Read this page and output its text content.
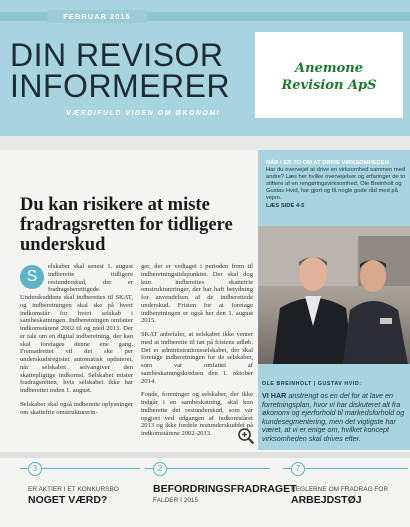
FEBRUAR 2015
DIN REVISOR
INFORMERER
VÆRDIFULD VIDEN OM ØKONOMI
Anemone
Revision ApS
Du kan risikere at miste fradragsretten for tidligere underskud
S

elskaber skal senest 1. august indberette tidligere restunderskud, der er fradragsberettigede. Underskuddene skal indberettes til SKAT, og indberetningen skal ske på hvert indkomstår for hvert selskab i sambeskatningen. Indberetningen omfatter indkomstårene 2002 til og med 2013. Der er tale om en digital indberetning, der kan skal foretages denne ene gang. Fremadrettet vil det ske per underskudsregister automatisk opdateret, når selskabet selvangiver den skattepligtige indkomst. Selskabet mister fradragsretten, hvis selskabet ikke har indberettet inden 1. august.

Selskaber skal også indberette oplysninger om skattefrie omstrukturerin-

ger, der er vedtaget i perioden frem til indberetningstidspunktet. Der skal dog kun indberettes skattefrie omstruktureringer, der har haft betydning for anvendelsen af de indberettede underskud. Fristen for at foretage indberetningen er også her den 1. august 2015.

SKAT anbefaler, at selskabet ikke venter med at indberette til tæt på fristens udløb. Det er administrationsselskabet, der skal foretage indberetningen for de selskaber, som var omfattet af sambeskatningskredsen den 1. oktober 2014.

Fonde, foreninger og selskaber, der ikke indgår i en sambeskatning, skal kun indberette det restunderskud, som var opgjort ved udgangen af indkomståret 2013 og ikke fordele restunderskuddet på indkomstårene 2002-2013.

NÅR I ER TO OM AT DRIVE VIRKSOMHEDEN
Har du overvejet at drive en virksomhed sammen med andre? Læs her hvilke overvejelser og erfaringer de to stiftere af en rengøringsvirksomhed, Ole Breinholt og Gustav Hvid, har gjort og få nogle gode råd med på vejen.
LÆS SIDE 4-5
OLE BREINHOLT | GUSTAV HVID:
VI HAR anstrengt os en del for at lave en forretningsplan, hvor vi har diskuteret alt fra økonomi og ejerforhold til markedsforhold og kundesegmentering, men det vigtigste har været, at vi er enige om, hvilket koncept virksomheden skal drives efter.
3
ER AKTIER I ET KONKURSBO
NOGET VÆRD?
2
BEFORDRINGSFRADRAGET
FALDER I 2015
7
REGLERNE OM FRADRAG FOR
ARBEJDSTØJ
